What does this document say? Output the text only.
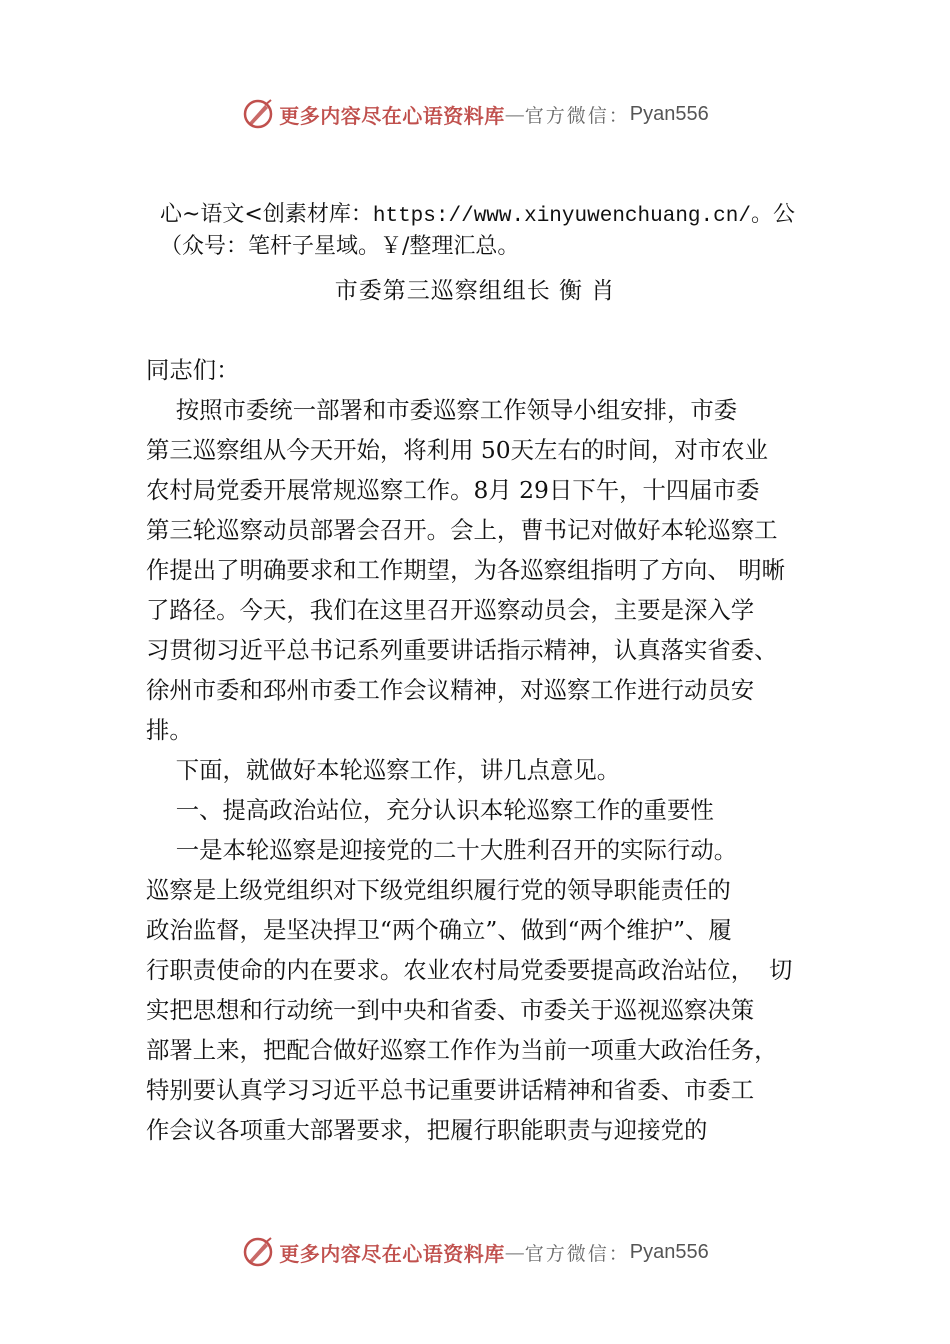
更多内容尽在心语资料库 — 官方微信： Pyan556
心~语文<创素材库：https://www.xinyuwenchuang.cn/。公
（众号：笔杆子星域。￥/整理汇总。
市委第三巡察组组长 衡 肖
同志们：
按照市委统一部署和市委巡察工作领导小组安排，市委
第三巡察组从今天开始，将利用 50天左右的时间，对市农业
农村局党委开展常规巡察工作。8月 29日下午，十四届市委
第三轮巡察动员部署会召开。会上，曹书记对做好本轮巡察工
作提出了明确要求和工作期望，为各巡察组指明了方向、 明晰
了路径。今天，我们在这里召开巡察动员会，主要是深入学
习贯彻习近平总书记系列重要讲话指示精神，认真落实省委、
徐州市委和邳州市委工作会议精神，对巡察工作进行动员安
排。
下面，就做好本轮巡察工作，讲几点意见。
一、提高政治站位，充分认识本轮巡察工作的重要性
一是本轮巡察是迎接党的二十大胜利召开的实际行动。
巡察是上级党组织对下级党组织履行党的领导职能责任的
政治监督，是坚决捍卫“两个确立”、做到“两个维护”、履
行职责使命的内在要求。农业农村局党委要提高政治站位，  切
实把思想和行动统一到中央和省委、市委关于巡视巡察决策
部署上来，把配合做好巡察工作作为当前一项重大政治任务，
特别要认真学习习近平总书记重要讲话精神和省委、市委工
作会议各项重大部署要求，把履行职能职责与迎接党的
更多内容尽在心语资料库 — 官方微信： Pyan556
